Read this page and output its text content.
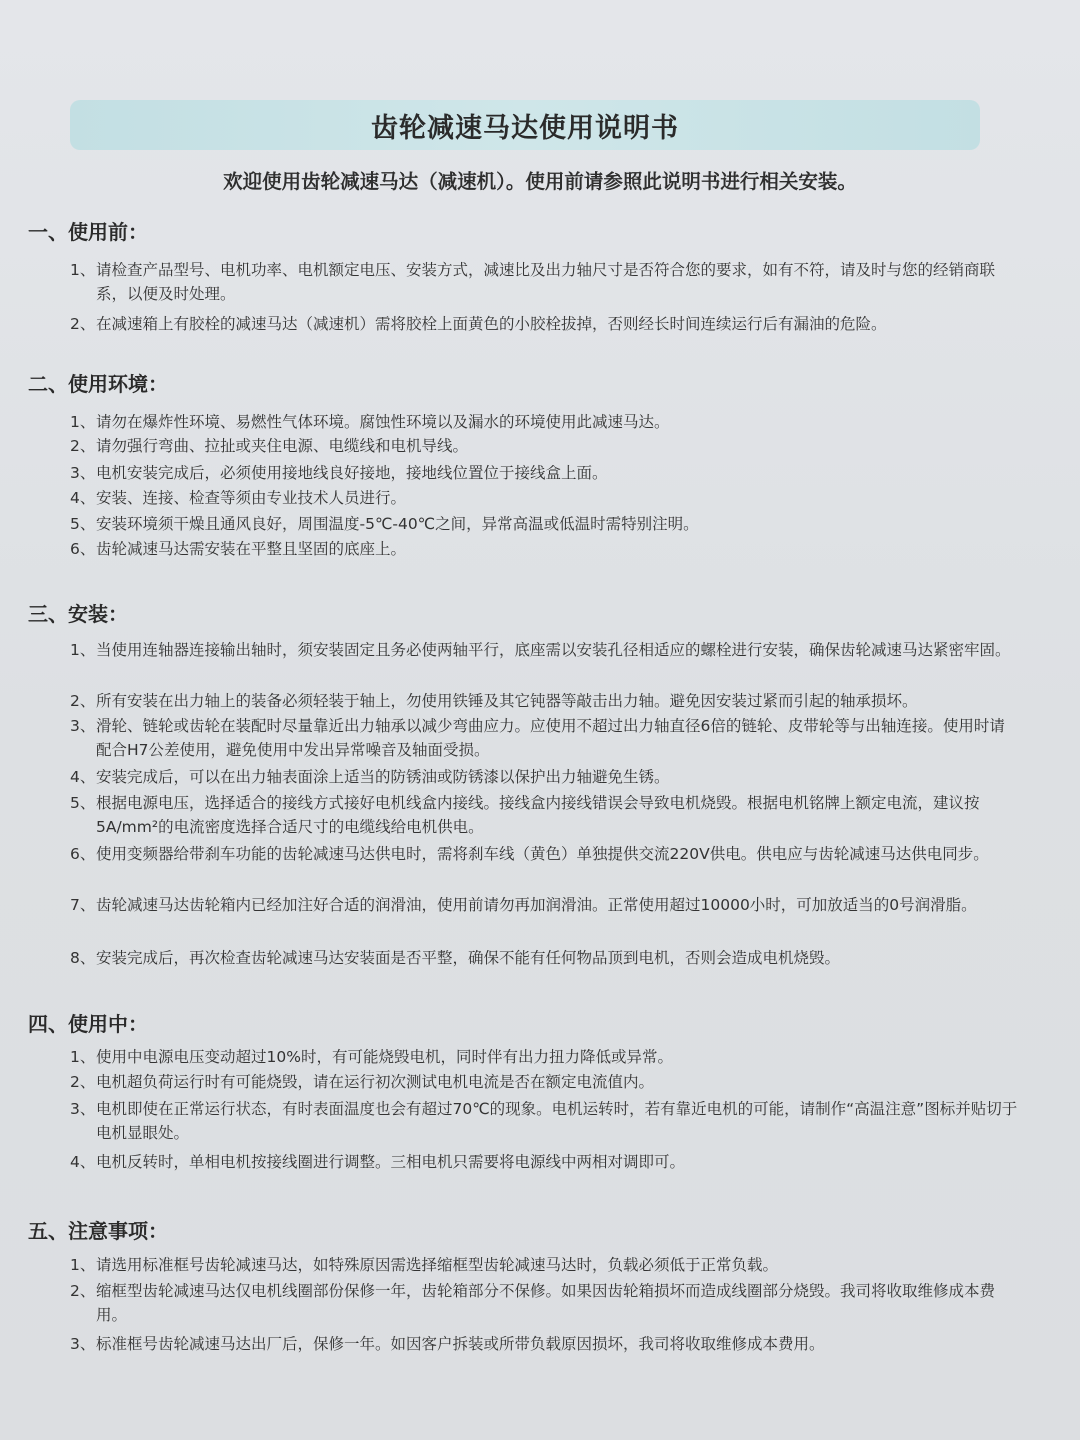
齿轮减速马达使用说明书
欢迎使用齿轮减速马达（减速机）。使用前请参照此说明书进行相关安装。
一、使用前：
1、 请检查产品型号、电机功率、电机额定电压、安装方式，减速比及出力轴尺寸是否符合您的要求，如有不符，请及时与您的经销商联系，以便及时处理。
2、 在减速箱上有胶栓的减速马达（减速机）需将胶栓上面黄色的小胶栓拔掉，否则经长时间连续运行后有漏油的危险。
二、使用环境：
1、 请勿在爆炸性环境、易燃性气体环境。腐蚀性环境以及漏水的环境使用此减速马达。
2、 请勿强行弯曲、拉扯或夹住电源、电缆线和电机导线。
3、 电机安装完成后，必须使用接地线良好接地，接地线位置位于接线盒上面。
4、 安装、连接、检查等须由专业技术人员进行。
5、 安装环境须干燥且通风良好，周围温度-5℃-40℃之间，异常高温或低温时需特别注明。
6、 齿轮减速马达需安装在平整且坚固的底座上。
三、安装：
1、 当使用连轴器连接输出轴时，须安装固定且务必使两轴平行，底座需以安装孔径相适应的螺栓进行安装，确保齿轮减速马达紧密牢固。
2、 所有安装在出力轴上的装备必须轻装于轴上，勿使用铁锤及其它钝器等敲击出力轴。避免因安装过紧而引起的轴承损坏。
3、 滑轮、链轮或齿轮在装配时尽量靠近出力轴承以减少弯曲应力。应使用不超过出力轴直径6倍的链轮、皮带轮等与出轴连接。使用时请配合H7公差使用，避免使用中发出异常噪音及轴面受损。
4、 安装完成后，可以在出力轴表面涂上适当的防锈油或防锈漆以保护出力轴避免生锈。
5、 根据电源电压，选择适合的接线方式接好电机线盒内接线。接线盒内接线错误会导致电机烧毁。根据电机铭牌上额定电流，建议按5A/mm²的电流密度选择合适尺寸的电缆线给电机供电。
6、 使用变频器给带刹车功能的齿轮减速马达供电时，需将刹车线（黄色）单独提供交流220V供电。供电应与齿轮减速马达供电同步。
7、 齿轮减速马达齿轮箱内已经加注好合适的润滑油，使用前请勿再加润滑油。正常使用超过10000小时，可加放适当的0号润滑脂。
8、 安装完成后，再次检查齿轮减速马达安装面是否平整，确保不能有任何物品顶到电机，否则会造成电机烧毁。
四、使用中：
1、 使用中电源电压变动超过10%时，有可能烧毁电机，同时伴有出力扭力降低或异常。
2、 电机超负荷运行时有可能烧毁，请在运行初次测试电机电流是否在额定电流值内。
3、 电机即使在正常运行状态，有时表面温度也会有超过70℃的现象。电机运转时，若有靠近电机的可能，请制作“高温注意”图标并贴切于电机显眼处。
4、 电机反转时，单相电机按接线圈进行调整。三相电机只需要将电源线中两相对调即可。
五、注意事项：
1、 请选用标准框号齿轮减速马达，如特殊原因需选择缩框型齿轮减速马达时，负载必须低于正常负载。
2、 缩框型齿轮减速马达仅电机线圈部份保修一年，齿轮箱部分不保修。如果因齿轮箱损坏而造成线圈部分烧毁。我司将收取维修成本费用。
3、 标准框号齿轮减速马达出厂后，保修一年。如因客户拆装或所带负载原因损坏，我司将收取维修成本费用。
